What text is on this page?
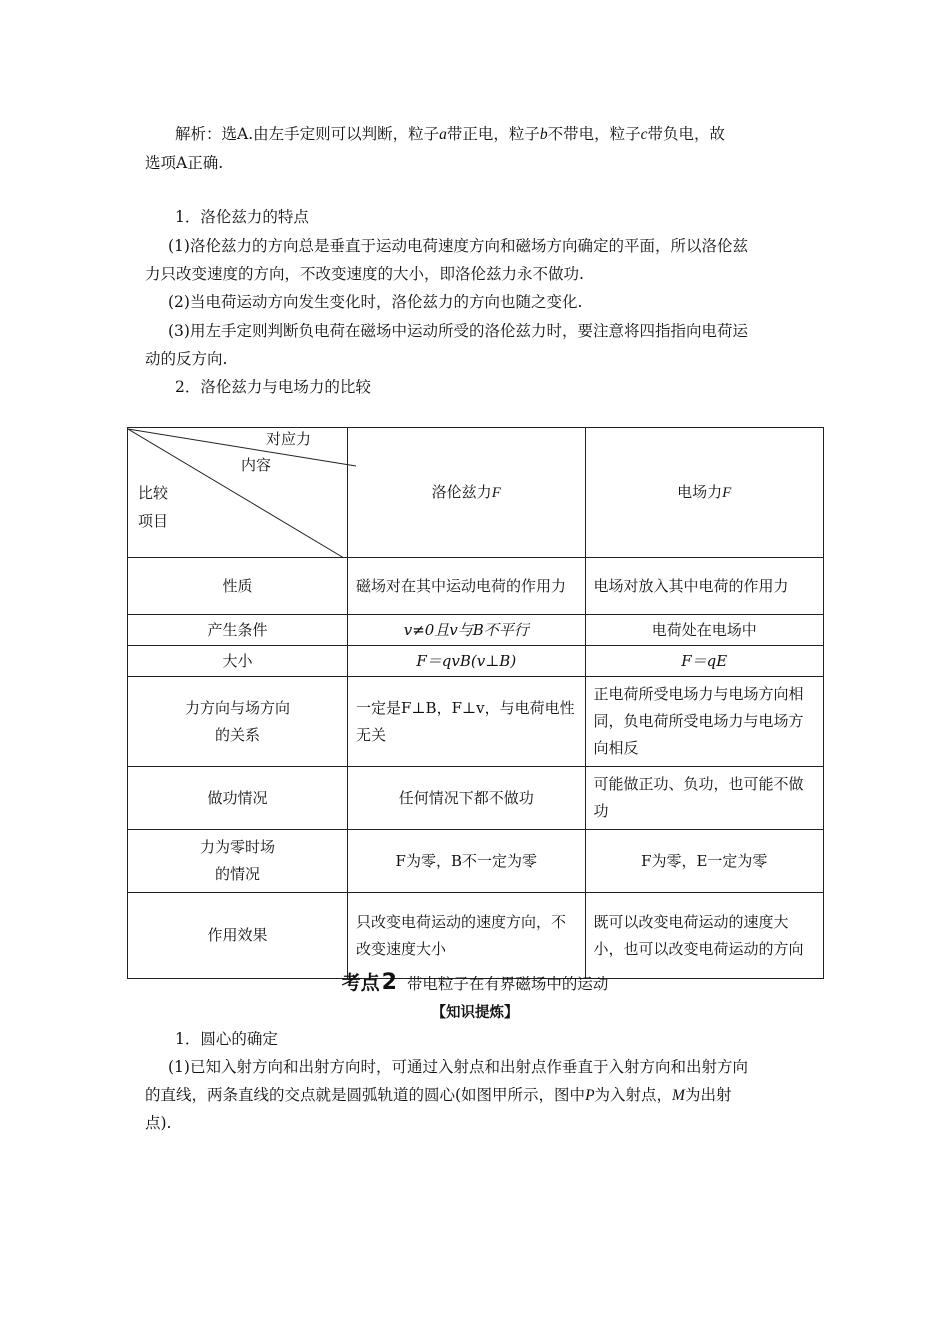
解析：选A.由左手定则可以判断，粒子a带正电，粒子b不带电，粒子c带负电，故
选项A正确.
1．洛伦兹力的特点
(1)洛伦兹力的方向总是垂直于运动电荷速度方向和磁场方向确定的平面，所以洛伦兹
力只改变速度的方向，不改变速度的大小，即洛伦兹力永不做功.
(2)当电荷运动方向发生变化时，洛伦兹力的方向也随之变化.
(3)用左手定则判断负电荷在磁场中运动所受的洛伦兹力时，要注意将四指指向电荷运
动的反方向.
2．洛伦兹力与电场力的比较
对应力
内容
比较
项目	洛伦兹力F	电场力F
性质	磁场对在其中运动电荷的作用力	电场对放入其中电荷的作用力
产生条件	v≠0且v与B不平行	电荷处在电场中
大小	F＝qvB(v⊥B)	F＝qE
力方向与场方向的关系	一定是F⊥B，F⊥v，与电荷电性无关	正电荷所受电场力与电场方向相同，负电荷所受电场力与电场方向相反
做功情况	任何情况下都不做功	可能做正功、负功，也可能不做功
力为零时场的情况	F为零，B不一定为零	F为零，E一定为零
作用效果	只改变电荷运动的速度方向，不改变速度大小	既可以改变电荷运动的速度大小，也可以改变电荷运动的方向
考点2 带电粒子在有界磁场中的运动
【知识提炼】
1．圆心的确定
(1)已知入射方向和出射方向时，可通过入射点和出射点作垂直于入射方向和出射方向
的直线，两条直线的交点就是圆弧轨道的圆心(如图甲所示，图中P为入射点，M为出射
点).
